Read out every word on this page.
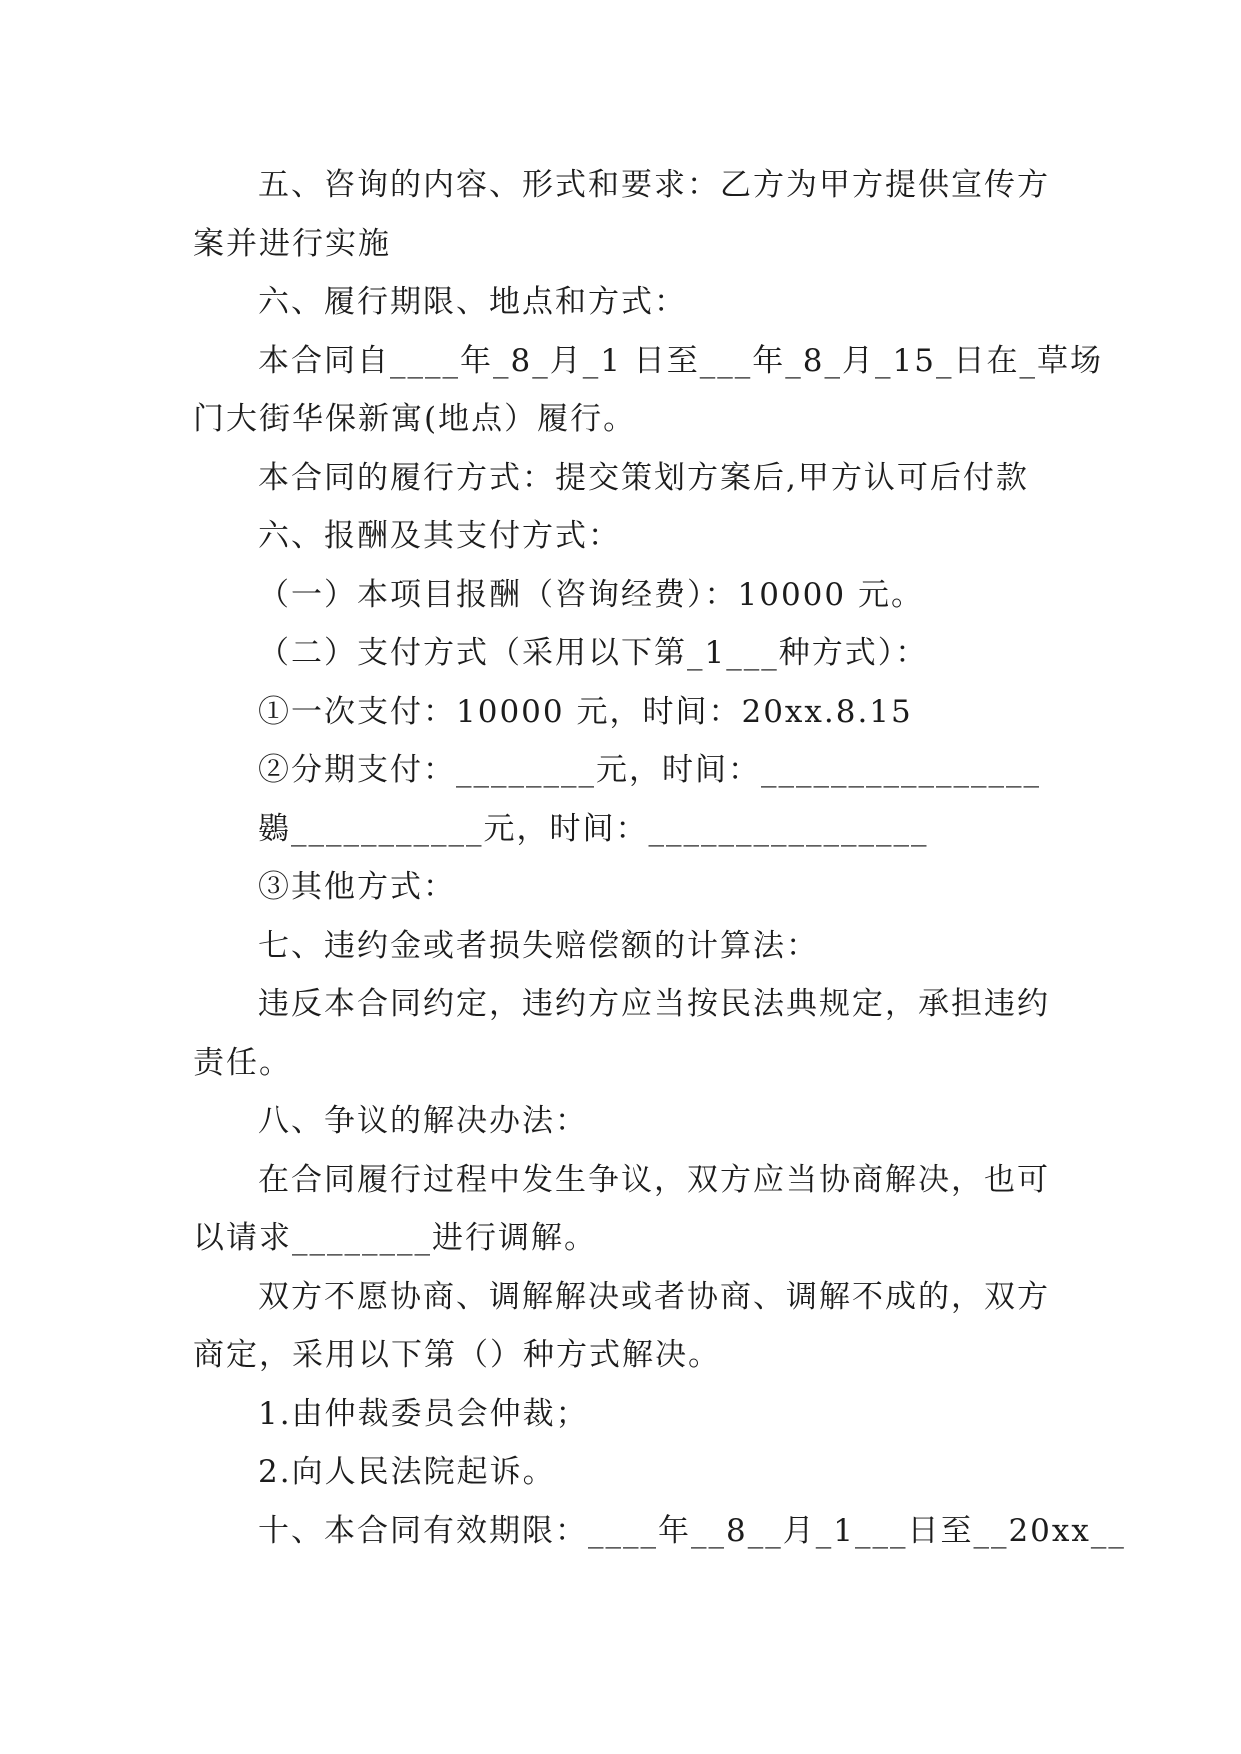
五、咨询的内容、形式和要求：乙方为甲方提供宣传方
案并进行实施
六、履行期限、地点和方式：
本合同自____年_8_月_1 日至___年_8_月_15_日在_草场
门大街华保新寓(地点）履行。
本合同的履行方式：提交策划方案后,甲方认可后付款
六、报酬及其支付方式：
（一）本项目报酬（咨询经费）：10000 元。
（二）支付方式（采用以下第_1___种方式）：
①一次支付：10000 元，时间：20xx.8.15
②分期支付：________元，时间：________________
鷃___________元，时间：________________
③其他方式：
七、违约金或者损失赔偿额的计算法：
违反本合同约定，违约方应当按民法典规定，承担违约
责任。
八、争议的解决办法：
在合同履行过程中发生争议，双方应当协商解决，也可
以请求________进行调解。
双方不愿协商、调解解决或者协商、调解不成的，双方
商定，采用以下第（）种方式解决。
1.由仲裁委员会仲裁；
2.向人民法院起诉。
十、本合同有效期限：____年__8__月_1___日至__20xx__
